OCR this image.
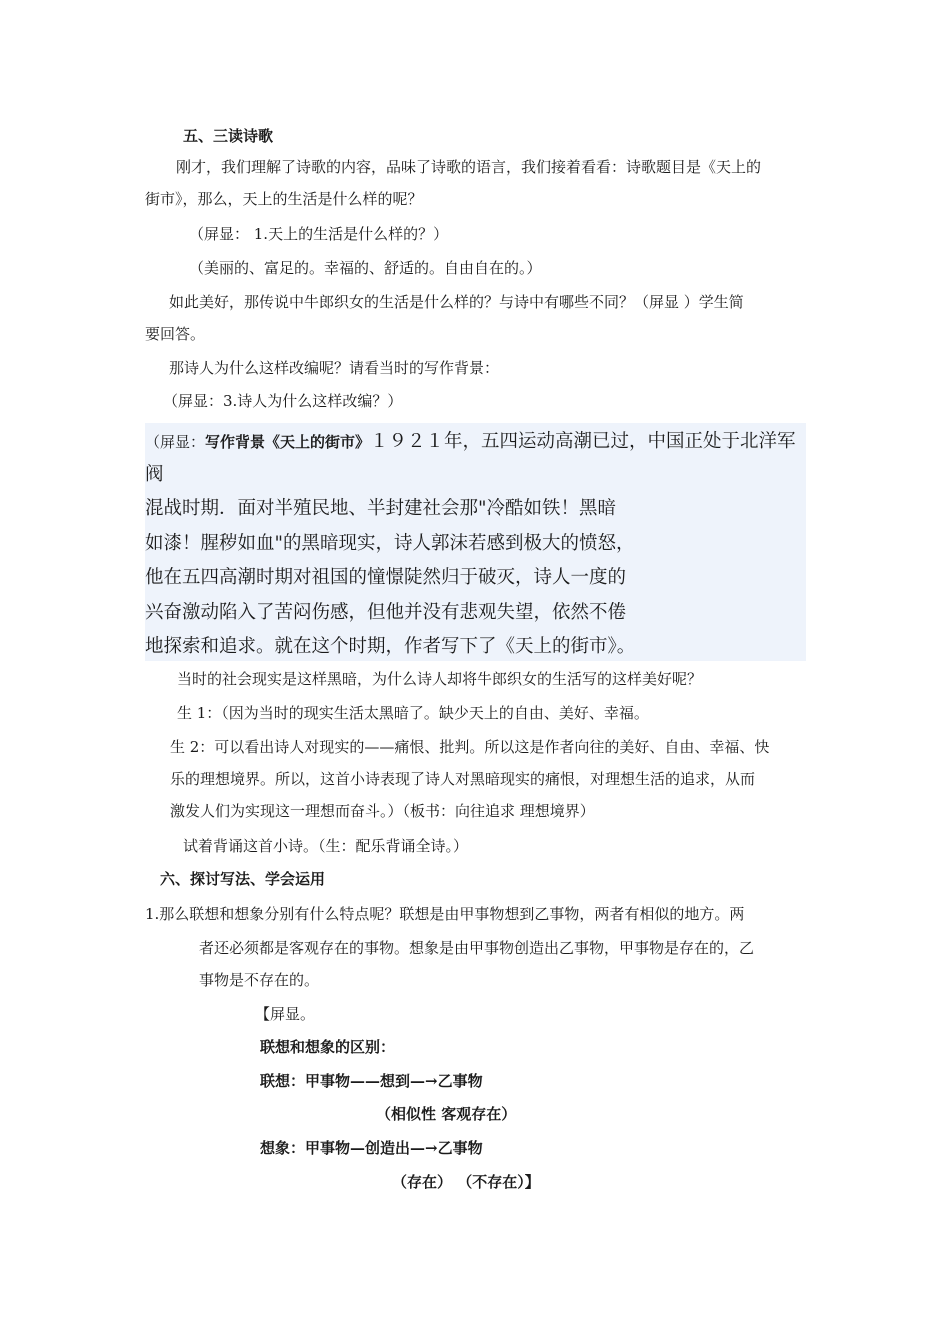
五、三读诗歌
刚才，我们理解了诗歌的内容，品味了诗歌的语言，我们接着看看：诗歌题目是《天上的
街市》，那么，天上的生活是什么样的呢？
（屏显： 1.天上的生活是什么样的？）
（美丽的、富足的。幸福的、舒适的。自由自在的。）
如此美好，那传说中牛郎织女的生活是什么样的？与诗中有哪些不同？（屏显 ）学生简
要回答。
那诗人为什么这样改编呢？请看当时的写作背景：
（屏显：3.诗人为什么这样改编？）
（屏显：写作背景《天上的街市》１９２１年，五四运动高潮已过，中国正处于北洋军
阀
混战时期．面对半殖民地、半封建社会那"冷酷如铁！黑暗
如漆！腥秽如血"的黑暗现实，诗人郭沫若感到极大的愤怒，
他在五四高潮时期对祖国的憧憬陡然归于破灭，诗人一度的
兴奋激动陷入了苦闷伤感，但他并没有悲观失望，依然不倦
地探索和追求。就在这个时期，作者写下了《天上的街市》。
当时的社会现实是这样黑暗，为什么诗人却将牛郎织女的生活写的这样美好呢？
生 1：（因为当时的现实生活太黑暗了。缺少天上的自由、美好、幸福。
生 2：可以看出诗人对现实的——痛恨、批判。所以这是作者向往的美好、自由、幸福、快
乐的理想境界。所以，这首小诗表现了诗人对黑暗现实的痛恨，对理想生活的追求，从而
激发人们为实现这一理想而奋斗。）（板书：向往追求 理想境界）
试着背诵这首小诗。（生：配乐背诵全诗。）
六、探讨写法、学会运用
1.那么联想和想象分别有什么特点呢？联想是由甲事物想到乙事物，两者有相似的地方。两
者还必须都是客观存在的事物。想象是由甲事物创造出乙事物，甲事物是存在的，乙
事物是不存在的。
【屏显。
联想和想象的区别：
联想：甲事物——想到—→乙事物
（相似性 客观存在）
想象：甲事物—创造出—→乙事物
（存在） （不存在）】
